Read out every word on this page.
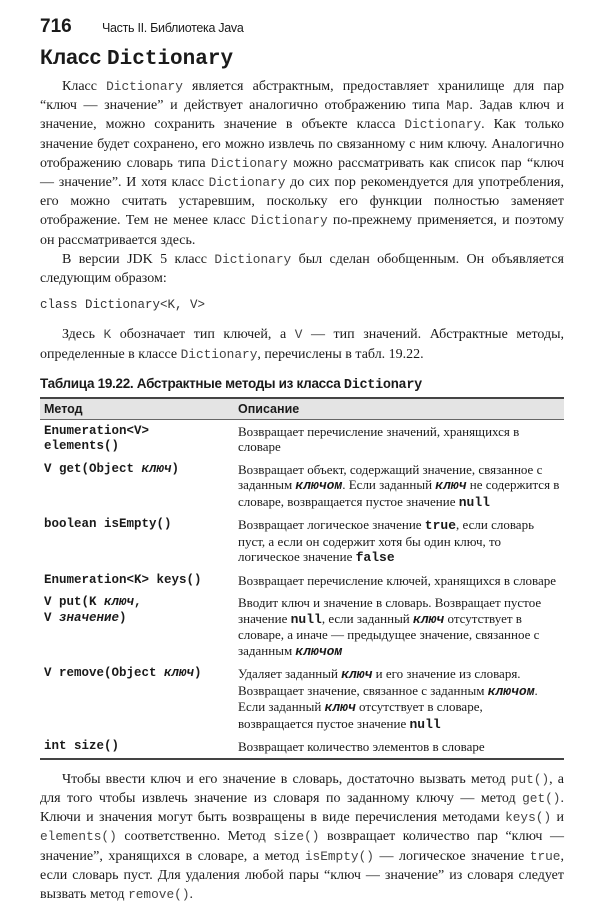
716	Часть II. Библиотека Java
Класс Dictionary

Класс Dictionary является абстрактным, предоставляет хранилище для пар “ключ — значение” и действует аналогично отображению типа Map. Задав ключ и значение, можно сохранить значение в объекте класса Dictionary. Как только значение будет сохранено, его можно извлечь по связанному с ним ключу. Аналогично отображению словарь типа Dictionary можно рассматривать как список пар “ключ — значение”. И хотя класс Dictionary до сих пор рекомендуется для употребления, его можно считать устаревшим, поскольку его функции полностью заменяет отображение. Тем не менее класс Dictionary по-прежнему применяется, и поэтому он рассматривается здесь.

В версии JDK 5 класс Dictionary был сделан обобщенным. Он объявляется следующим образом:

class Dictionary<K, V>

Здесь K обозначает тип ключей, а V — тип значений. Абстрактные методы, определенные в классе Dictionary, перечислены в табл. 19.22.

Таблица 19.22. Абстрактные методы из класса Dictionary
Метод	Описание
Enumeration<V>
elements()	Возвращает перечисление значений, хранящихся в словаре
V get(Object ключ)	Возвращает объект, содержащий значение, связанное с заданным ключом. Если заданный ключ не содержится в словаре, возвращается пустое значение null
boolean isEmpty()	Возвращает логическое значение true, если словарь пуст, а если он содержит хотя бы один ключ, то логическое значение false
Enumeration<K> keys()	Возвращает перечисление ключей, хранящихся в словаре
V put(K ключ,
V значение)	Вводит ключ и значение в словарь. Возвращает пустое значение null, если заданный ключ отсутствует в словаре, а иначе — предыдущее значение, связанное с заданным ключом
V remove(Object ключ)	Удаляет заданный ключ и его значение из словаря. Возвращает значение, связанное с заданным ключом. Если заданный ключ отсутствует в словаре, возвращается пустое значение null
int size()	Возвращает количество элементов в словаре

Чтобы ввести ключ и его значение в словарь, достаточно вызвать метод put(), а для того чтобы извлечь значение из словаря по заданному ключу — метод get(). Ключи и значения могут быть возвращены в виде перечисления методами keys() и elements() соответственно. Метод size() возвращает количество пар “ключ — значение”, хранящихся в словаре, а метод isEmpty() — логическое значение true, если словарь пуст. Для удаления любой пары “ключ — значение” из словаря следует вызвать метод remove().
